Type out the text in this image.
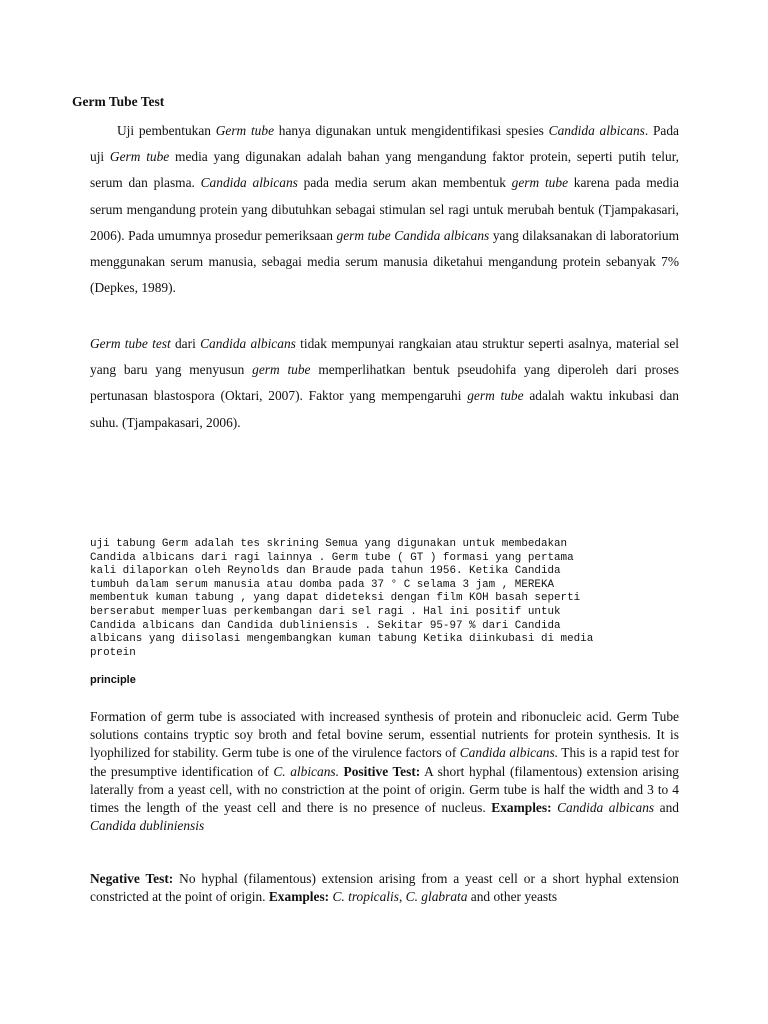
Germ Tube Test
Uji pembentukan Germ tube hanya digunakan untuk mengidentifikasi spesies Candida albicans. Pada uji Germ tube media yang digunakan adalah bahan yang mengandung faktor protein, seperti putih telur, serum dan plasma. Candida albicans pada media serum akan membentuk germ tube karena pada media serum mengandung protein yang dibutuhkan sebagai stimulan sel ragi untuk merubah bentuk (Tjampakasari, 2006). Pada umumnya prosedur pemeriksaan germ tube Candida albicans yang dilaksanakan di laboratorium menggunakan serum manusia, sebagai media serum manusia diketahui mengandung protein sebanyak 7% (Depkes, 1989).
Germ tube test dari Candida albicans tidak mempunyai rangkaian atau struktur seperti asalnya, material sel yang baru yang menyusun germ tube memperlihatkan bentuk pseudohifa yang diperoleh dari proses pertunasan blastospora (Oktari, 2007). Faktor yang mempengaruhi germ tube adalah waktu inkubasi dan suhu. (Tjampakasari, 2006).
uji tabung Germ adalah tes skrining Semua yang digunakan untuk membedakan
Candida albicans dari ragi lainnya . Germ tube ( GT ) formasi yang pertama
kali dilaporkan oleh Reynolds dan Braude pada tahun 1956. Ketika Candida
tumbuh dalam serum manusia atau domba pada 37 ° C selama 3 jam , MEREKA
membentuk kuman tabung , yang dapat dideteksi dengan film KOH basah seperti
berserabut memperluas perkembangan dari sel ragi . Hal ini positif untuk
Candida albicans dan Candida dubliniensis . Sekitar 95-97 % dari Candida
albicans yang diisolasi mengembangkan kuman tabung Ketika diinkubasi di media
protein
principle
Formation of germ tube is associated with increased synthesis of protein and ribonucleic acid. Germ Tube solutions contains tryptic soy broth and fetal bovine serum, essential nutrients for protein synthesis. It is lyophilized for stability. Germ tube is one of the virulence factors of Candida albicans. This is a rapid test for the presumptive identification of C. albicans. Positive Test: A short hyphal (filamentous) extension arising laterally from a yeast cell, with no constriction at the point of origin. Germ tube is half the width and 3 to 4 times the length of the yeast cell and there is no presence of nucleus. Examples: Candida albicans and Candida dubliniensis
Negative Test: No hyphal (filamentous) extension arising from a yeast cell or a short hyphal extension constricted at the point of origin. Examples: C. tropicalis, C. glabrata and other yeasts
